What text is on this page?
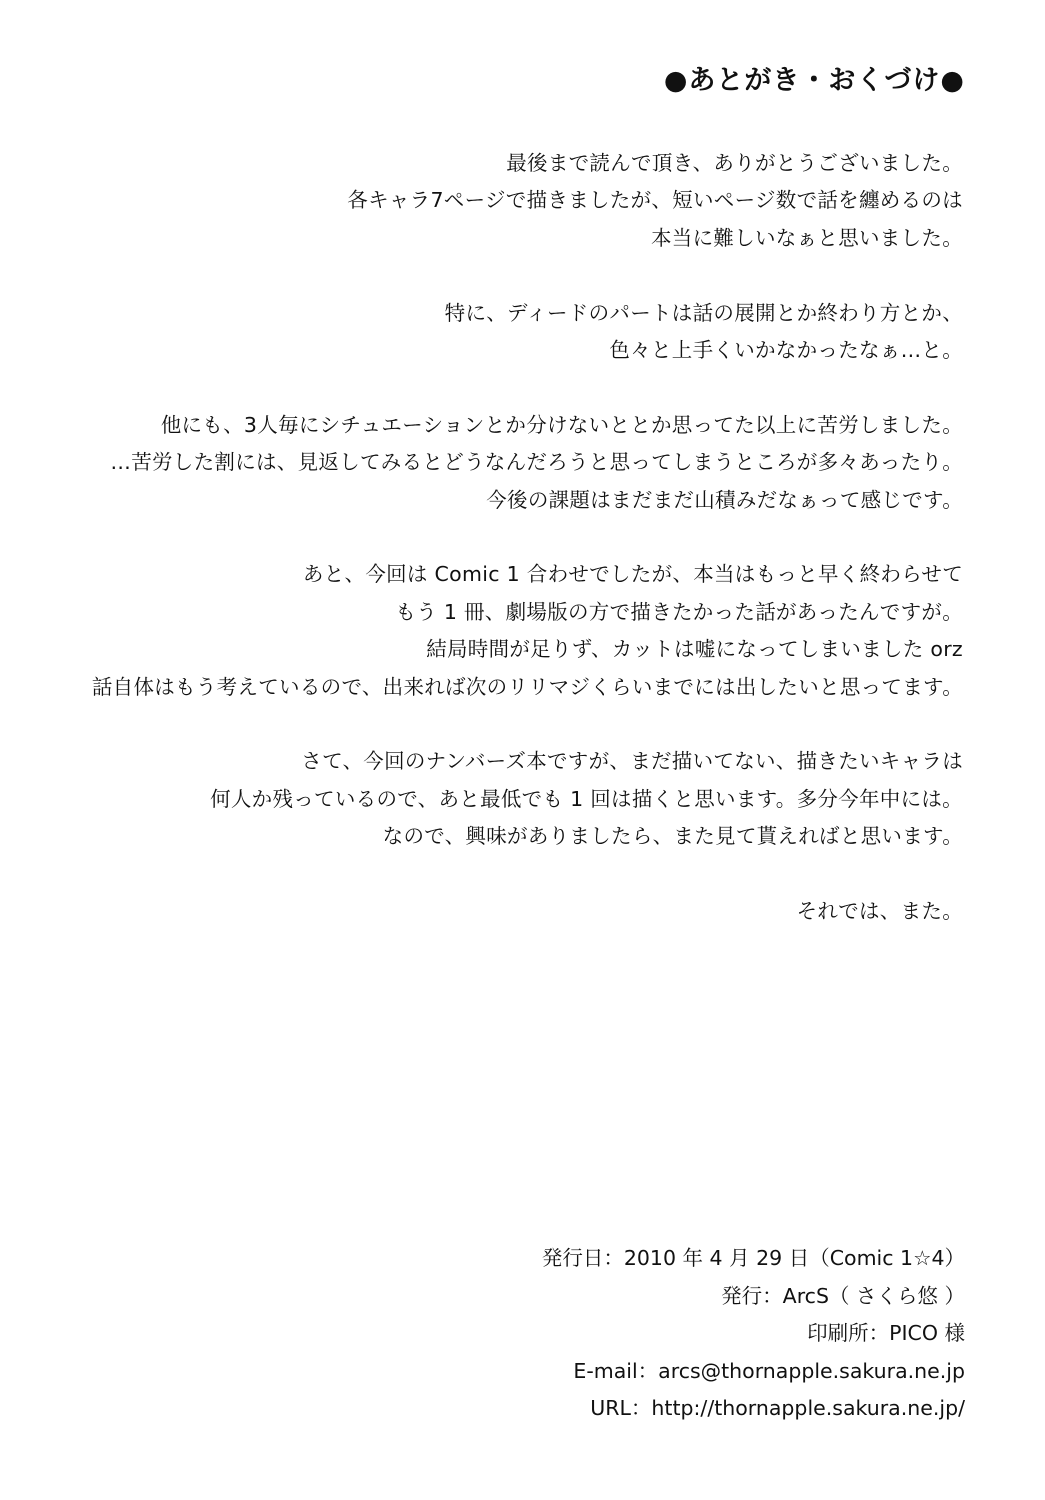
●あとがき・おくづけ●
最後まで読んで頂き、ありがとうございました。
各キャラ7ページで描きましたが、短いページ数で話を纏めるのは
本当に難しいなぁと思いました。
特に、ディードのパートは話の展開とか終わり方とか、
色々と上手くいかなかったなぁ…と。
他にも、3人毎にシチュエーションとか分けないととか思ってた以上に苦労しました。
…苦労した割には、見返してみるとどうなんだろうと思ってしまうところが多々あったり。
今後の課題はまだまだ山積みだなぁって感じです。
あと、今回は Comic 1 合わせでしたが、本当はもっと早く終わらせて
もう 1 冊、劇場版の方で描きたかった話があったんですが。
結局時間が足りず、カットは嘘になってしまいました orz
話自体はもう考えているので、出来れば次のリリマジくらいまでには出したいと思ってます。
さて、今回のナンバーズ本ですが、まだ描いてない、描きたいキャラは
何人か残っているので、あと最低でも 1 回は描くと思います。多分今年中には。
なので、興味がありましたら、また見て貰えればと思います。
それでは、また。
発行日：2010 年 4 月 29 日（Comic 1☆4）
発行：ArcS（ さくら悠 ）
印刷所：PICO 様
E-mail：arcs@thornapple.sakura.ne.jp
URL：http://thornapple.sakura.ne.jp/
